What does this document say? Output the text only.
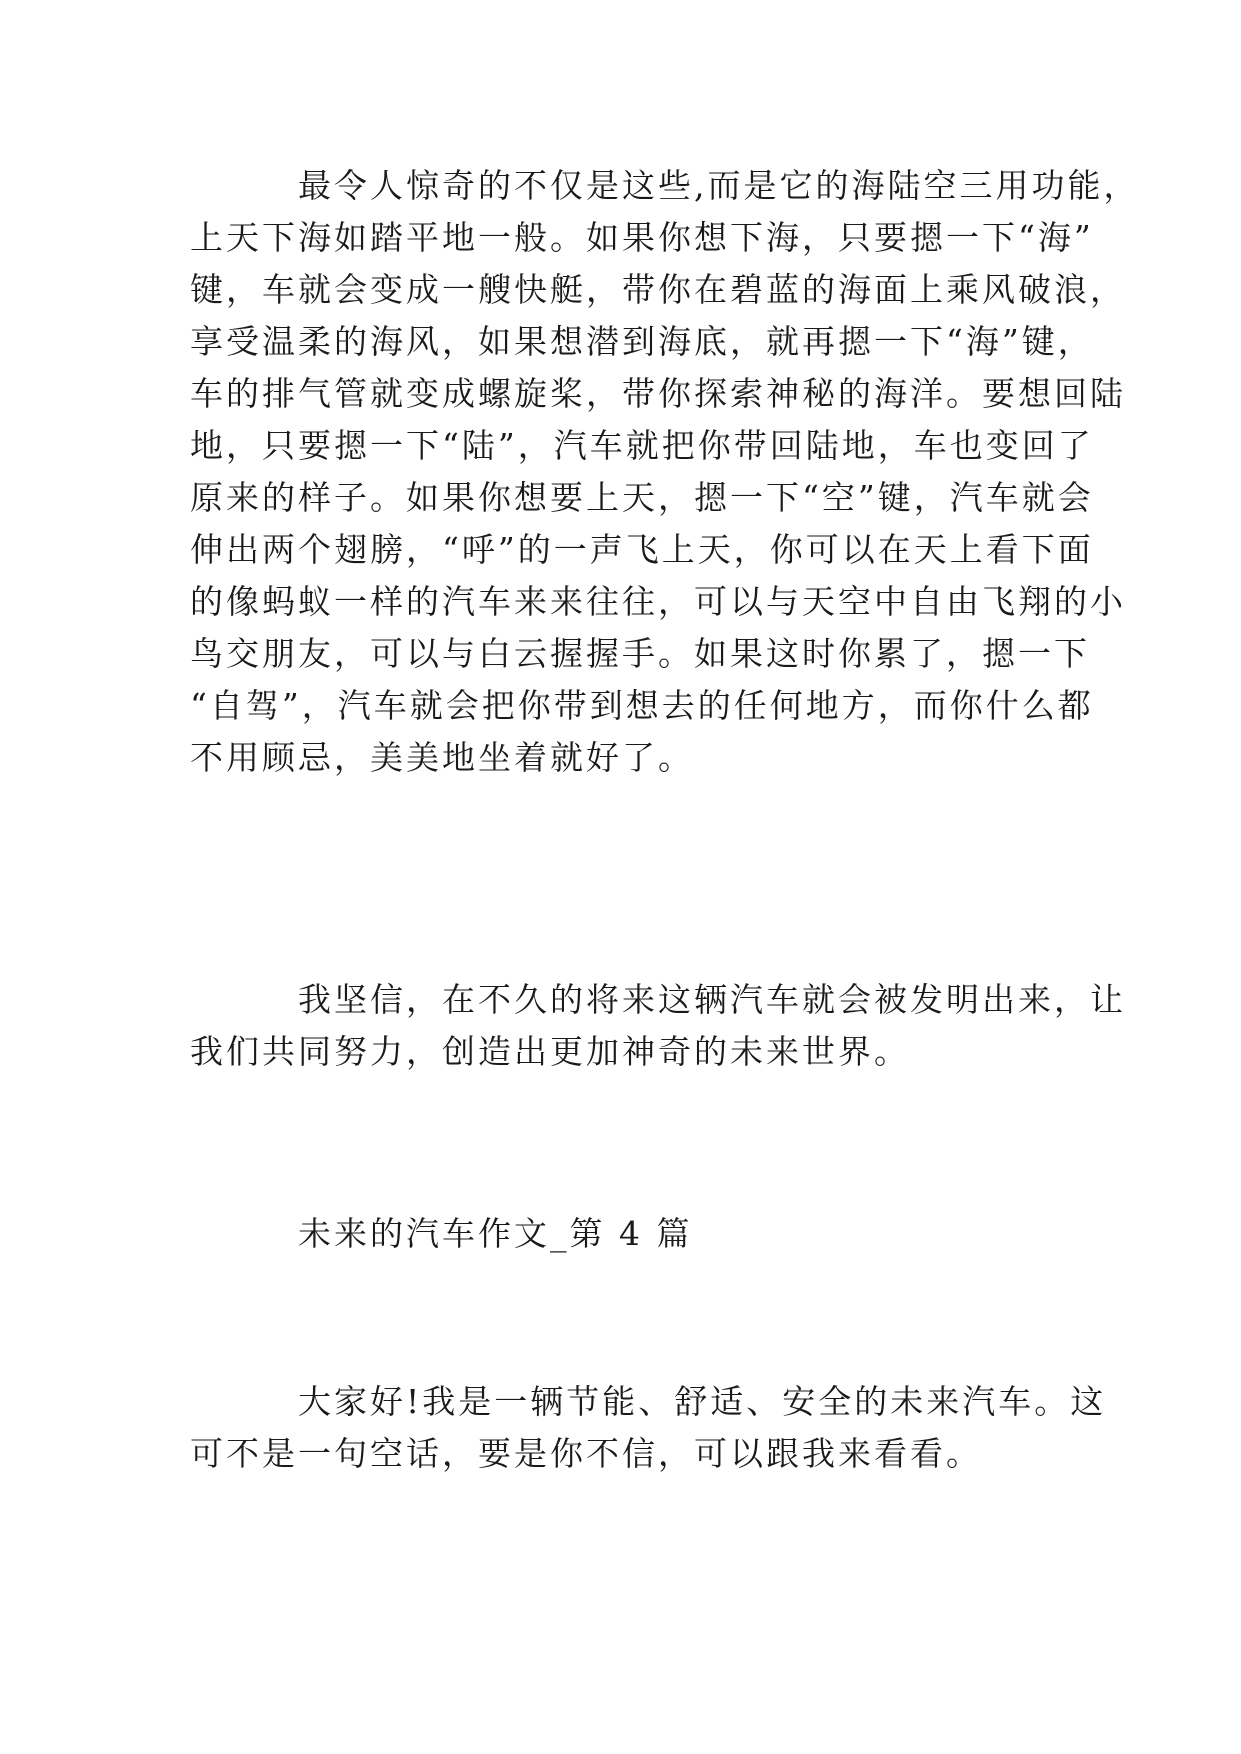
最令人惊奇的不仅是这些,而是它的海陆空三用功能，
上天下海如踏平地一般。如果你想下海，只要摁一下“海”
键，车就会变成一艘快艇，带你在碧蓝的海面上乘风破浪，
享受温柔的海风，如果想潜到海底，就再摁一下“海”键，
车的排气管就变成螺旋桨，带你探索神秘的海洋。要想回陆
地，只要摁一下“陆”，汽车就把你带回陆地，车也变回了
原来的样子。如果你想要上天，摁一下“空”键，汽车就会
伸出两个翅膀，“呼”的一声飞上天，你可以在天上看下面
的像蚂蚁一样的汽车来来往往，可以与天空中自由飞翔的小
鸟交朋友，可以与白云握握手。如果这时你累了，摁一下
“自驾”，汽车就会把你带到想去的任何地方，而你什么都
不用顾忌，美美地坐着就好了。
我坚信，在不久的将来这辆汽车就会被发明出来，让
我们共同努力，创造出更加神奇的未来世界。
未来的汽车作文_第 4 篇
大家好!我是一辆节能、舒适、安全的未来汽车。这
可不是一句空话，要是你不信，可以跟我来看看。
